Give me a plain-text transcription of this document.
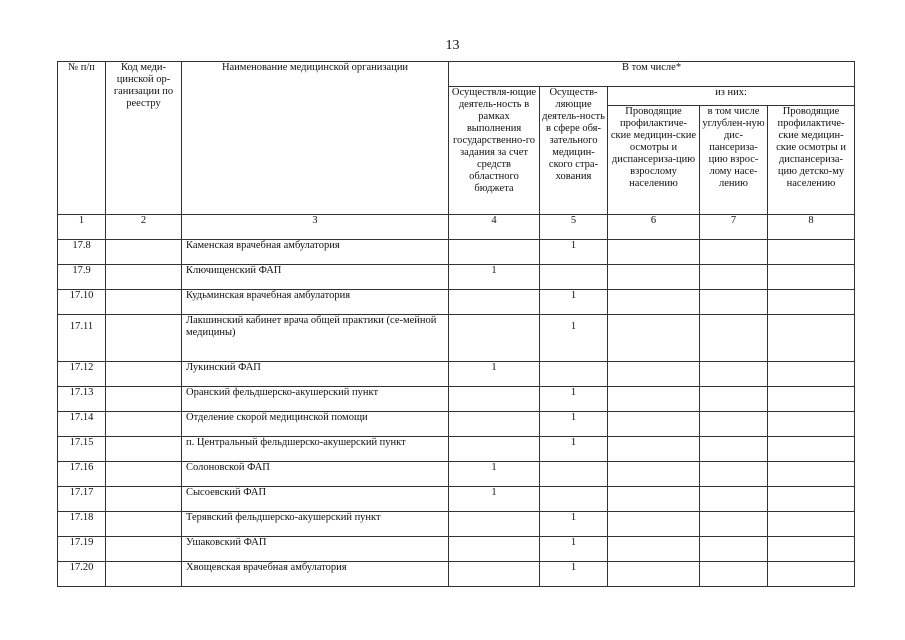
13
№ п/п	Код меди-цинской ор-ганизации по реестру	Наименование медицинской организации	В том числе*				
			Осуществля-ющие деятель-ность в рамках выполнения государственно-го задания за счет средств областного бюджета	Осуществ-ляющие деятель-ность в сфере обя-зательного медицин-ского стра-хования	из них:		
					Проводящие профилактиче-ские медицин-ские осмотры и диспансериза-цию взрослому населению	в том числе углублен-ную дис-пансериза-цию взрос-лому насе-лению	Проводящие профилактиче-ские медицин-ские осмотры и диспансериза-цию детско-му населению
1	2	3	4	5	6	7	8
17.8		Каменская врачебная амбулатория		1			
17.9		Ключищенский ФАП	1				
17.10		Кудьминская врачебная амбулатория		1			
17.11		Лакшинский кабинет врача общей практики (се-мейной медицины)		1			
17.12		Лукинский ФАП	1				
17.13		Оранский фельдшерско-акушерский пункт		1			
17.14		Отделение скорой медицинской помощи		1			
17.15		п. Центральный фельдшерско-акушерский пункт		1			
17.16		Солоновской ФАП	1				
17.17		Сысоевский ФАП	1				
17.18		Терявский фельдшерско-акушерский пункт		1			
17.19		Ушаковский ФАП		1			
17.20		Хвощевская врачебная амбулатория		1			
